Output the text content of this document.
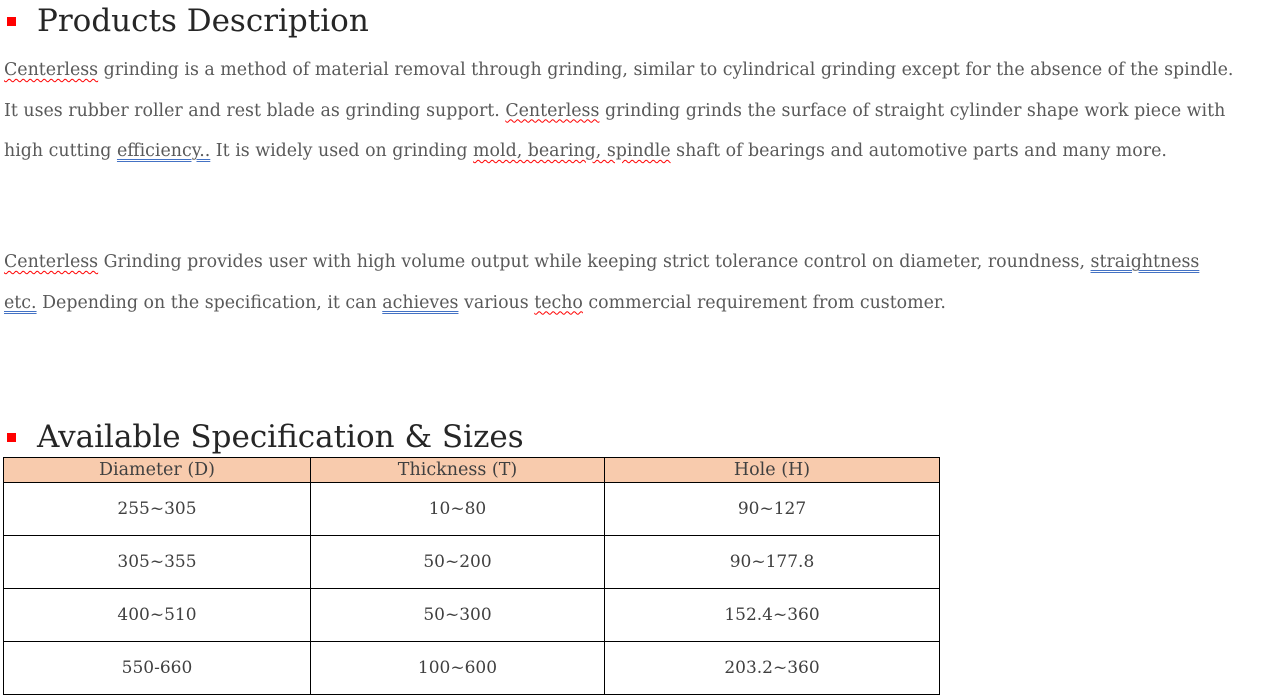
Products Description
Centerless grinding is a method of material removal through grinding, similar to cylindrical grinding except for the absence of the spindle.
It uses rubber roller and rest blade as grinding support. Centerless grinding grinds the surface of straight cylinder shape work piece with
high cutting efficiency.. It is widely used on grinding mold, bearing, spindle shaft of bearings and automotive parts and many more.
Centerless Grinding provides user with high volume output while keeping strict tolerance control on diameter, roundness, straightness
etc. Depending on the specification, it can achieves various techo commercial requirement from customer.
Available Specification & Sizes
Diameter (D)	Thickness (T)	Hole (H)
255~305	10~80	90~127
305~355	50~200	90~177.8
400~510	50~300	152.4~360
550-660	100~600	203.2~360
